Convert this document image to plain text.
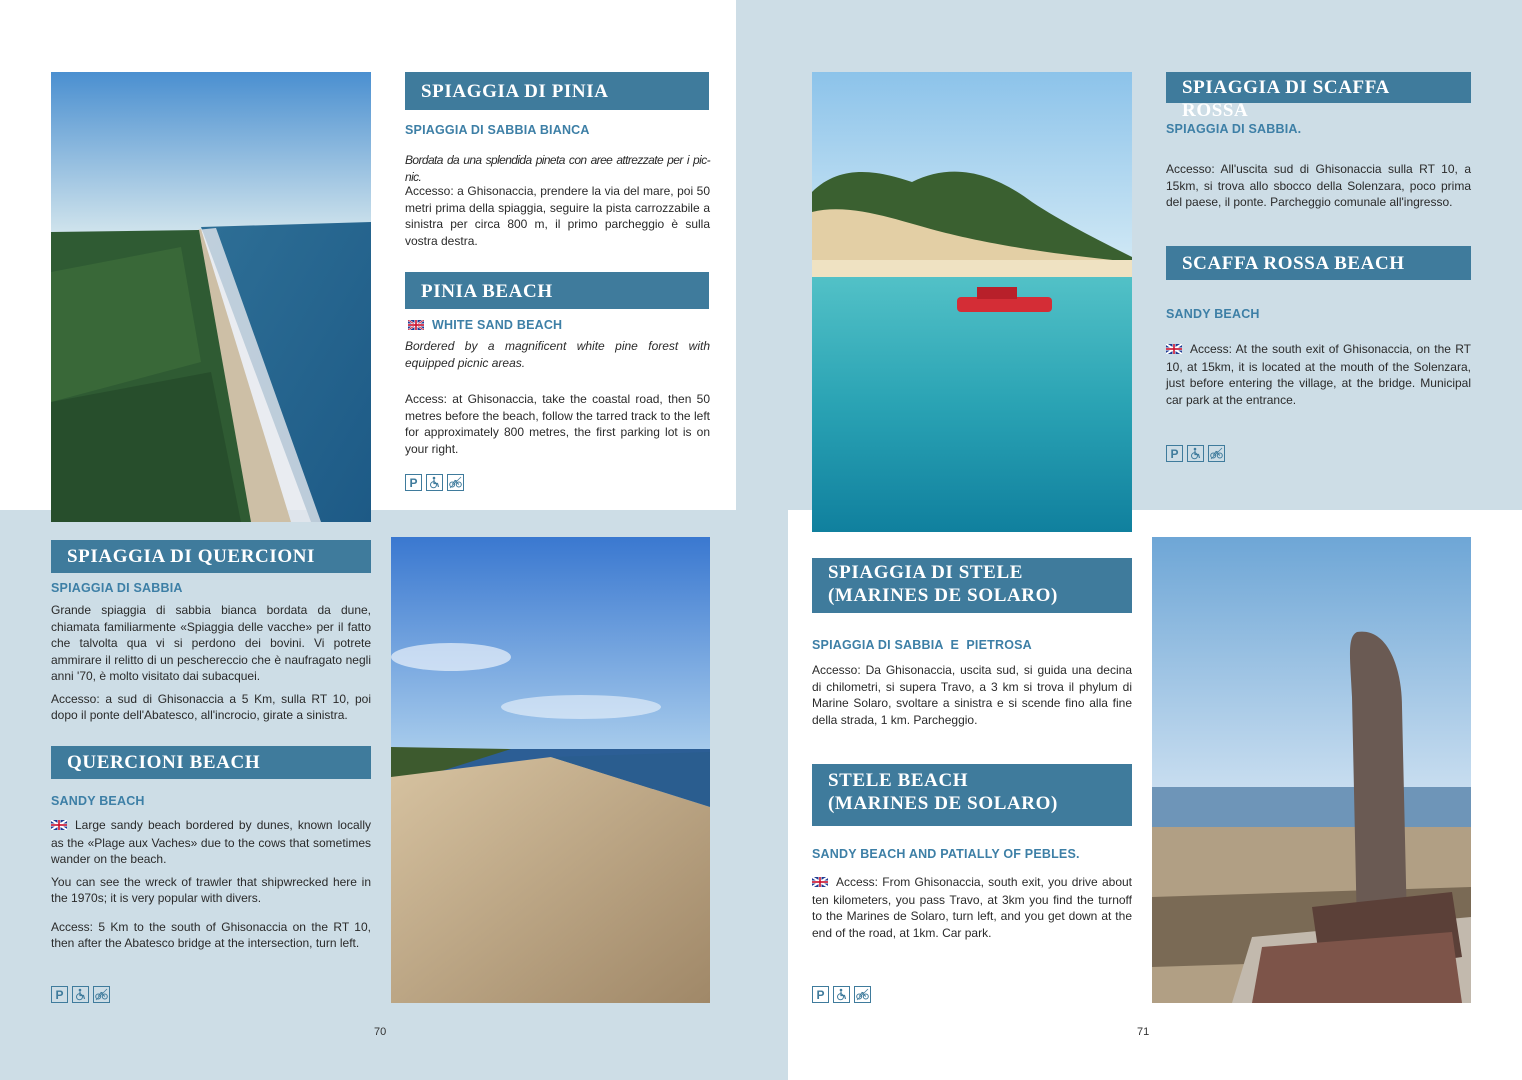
SPIAGGIA DI PINIA
SPIAGGIA DI SABBIA BIANCA
Bordata da una splendida pineta con aree attrezzate per i pic-nic.
Accesso: a Ghisonaccia, prendere la via del mare, poi 50 metri prima della spiaggia, seguire la pista carrozzabile a sinistra per circa 800 m, il primo parcheggio è sulla vostra destra.
PINIA BEACH
WHITE SAND BEACH
Bordered by a magnificent white pine forest with equipped picnic areas.
Access: at Ghisonaccia, take the coastal road, then 50 metres before the beach, follow the tarred track to the left for approximately 800 metres, the first parking lot is on your right.
P
SPIAGGIA DI QUERCIONI
SPIAGGIA DI SABBIA

Grande spiaggia di sabbia bianca bordata da dune, chiamata familiarmente «Spiaggia delle vacche» per il fatto che talvolta qua vi si perdono dei bovini. Vi potrete ammirare il relitto di un peschereccio che è naufragato negli anni '70, è molto visitato dai subacquei.

Accesso: a sud di Ghisonaccia a 5 Km, sulla RT 10, poi dopo il ponte dell'Abatesco, all'incrocio, girate a sinistra.

QUERCIONI BEACH
SANDY BEACH

Large sandy beach bordered by dunes, known locally as the «Plage aux Vaches» due to the cows that sometimes wander on the beach.

You can see the wreck of trawler that shipwrecked here in the 1970s; it is very popular with divers.

Access: 5 Km to the south of Ghisonaccia on the RT 10, then after the Abatesco bridge at the intersection, turn left.

P
70
SPIAGGIA DI SCAFFA ROSSA
SPIAGGIA DI SABBIA.
Accesso: All'uscita sud di Ghisonaccia sulla RT 10, a 15km, si trova allo sbocco della Solenzara, poco prima del paese, il ponte. Parcheggio comunale all'ingresso.
SCAFFA ROSSA BEACH
SANDY BEACH
Access: At the south exit of Ghisonaccia, on the RT 10, at 15km, it is located at the mouth of the Solenzara, just before entering the village, at the bridge. Municipal car park at the entrance.
P
SPIAGGIA DI STELE
(MARINES DE SOLARO)
SPIAGGIA DI SABBIA  E  PIETROSA
Accesso: Da Ghisonaccia, uscita sud, si guida una decina di chilometri, si supera Travo, a 3 km si trova il phylum di Marine Solaro, svoltare a sinistra e si scende fino alla fine della strada, 1 km. Parcheggio.
STELE BEACH
(MARINES DE SOLARO)
SANDY BEACH AND PATIALLY OF PEBLES.
Access: From Ghisonaccia, south exit, you drive about ten kilometers, you pass Travo, at 3km you find the turnoff to the Marines de Solaro, turn left, and you get down at the end of the road, at 1km. Car park.
P
71
